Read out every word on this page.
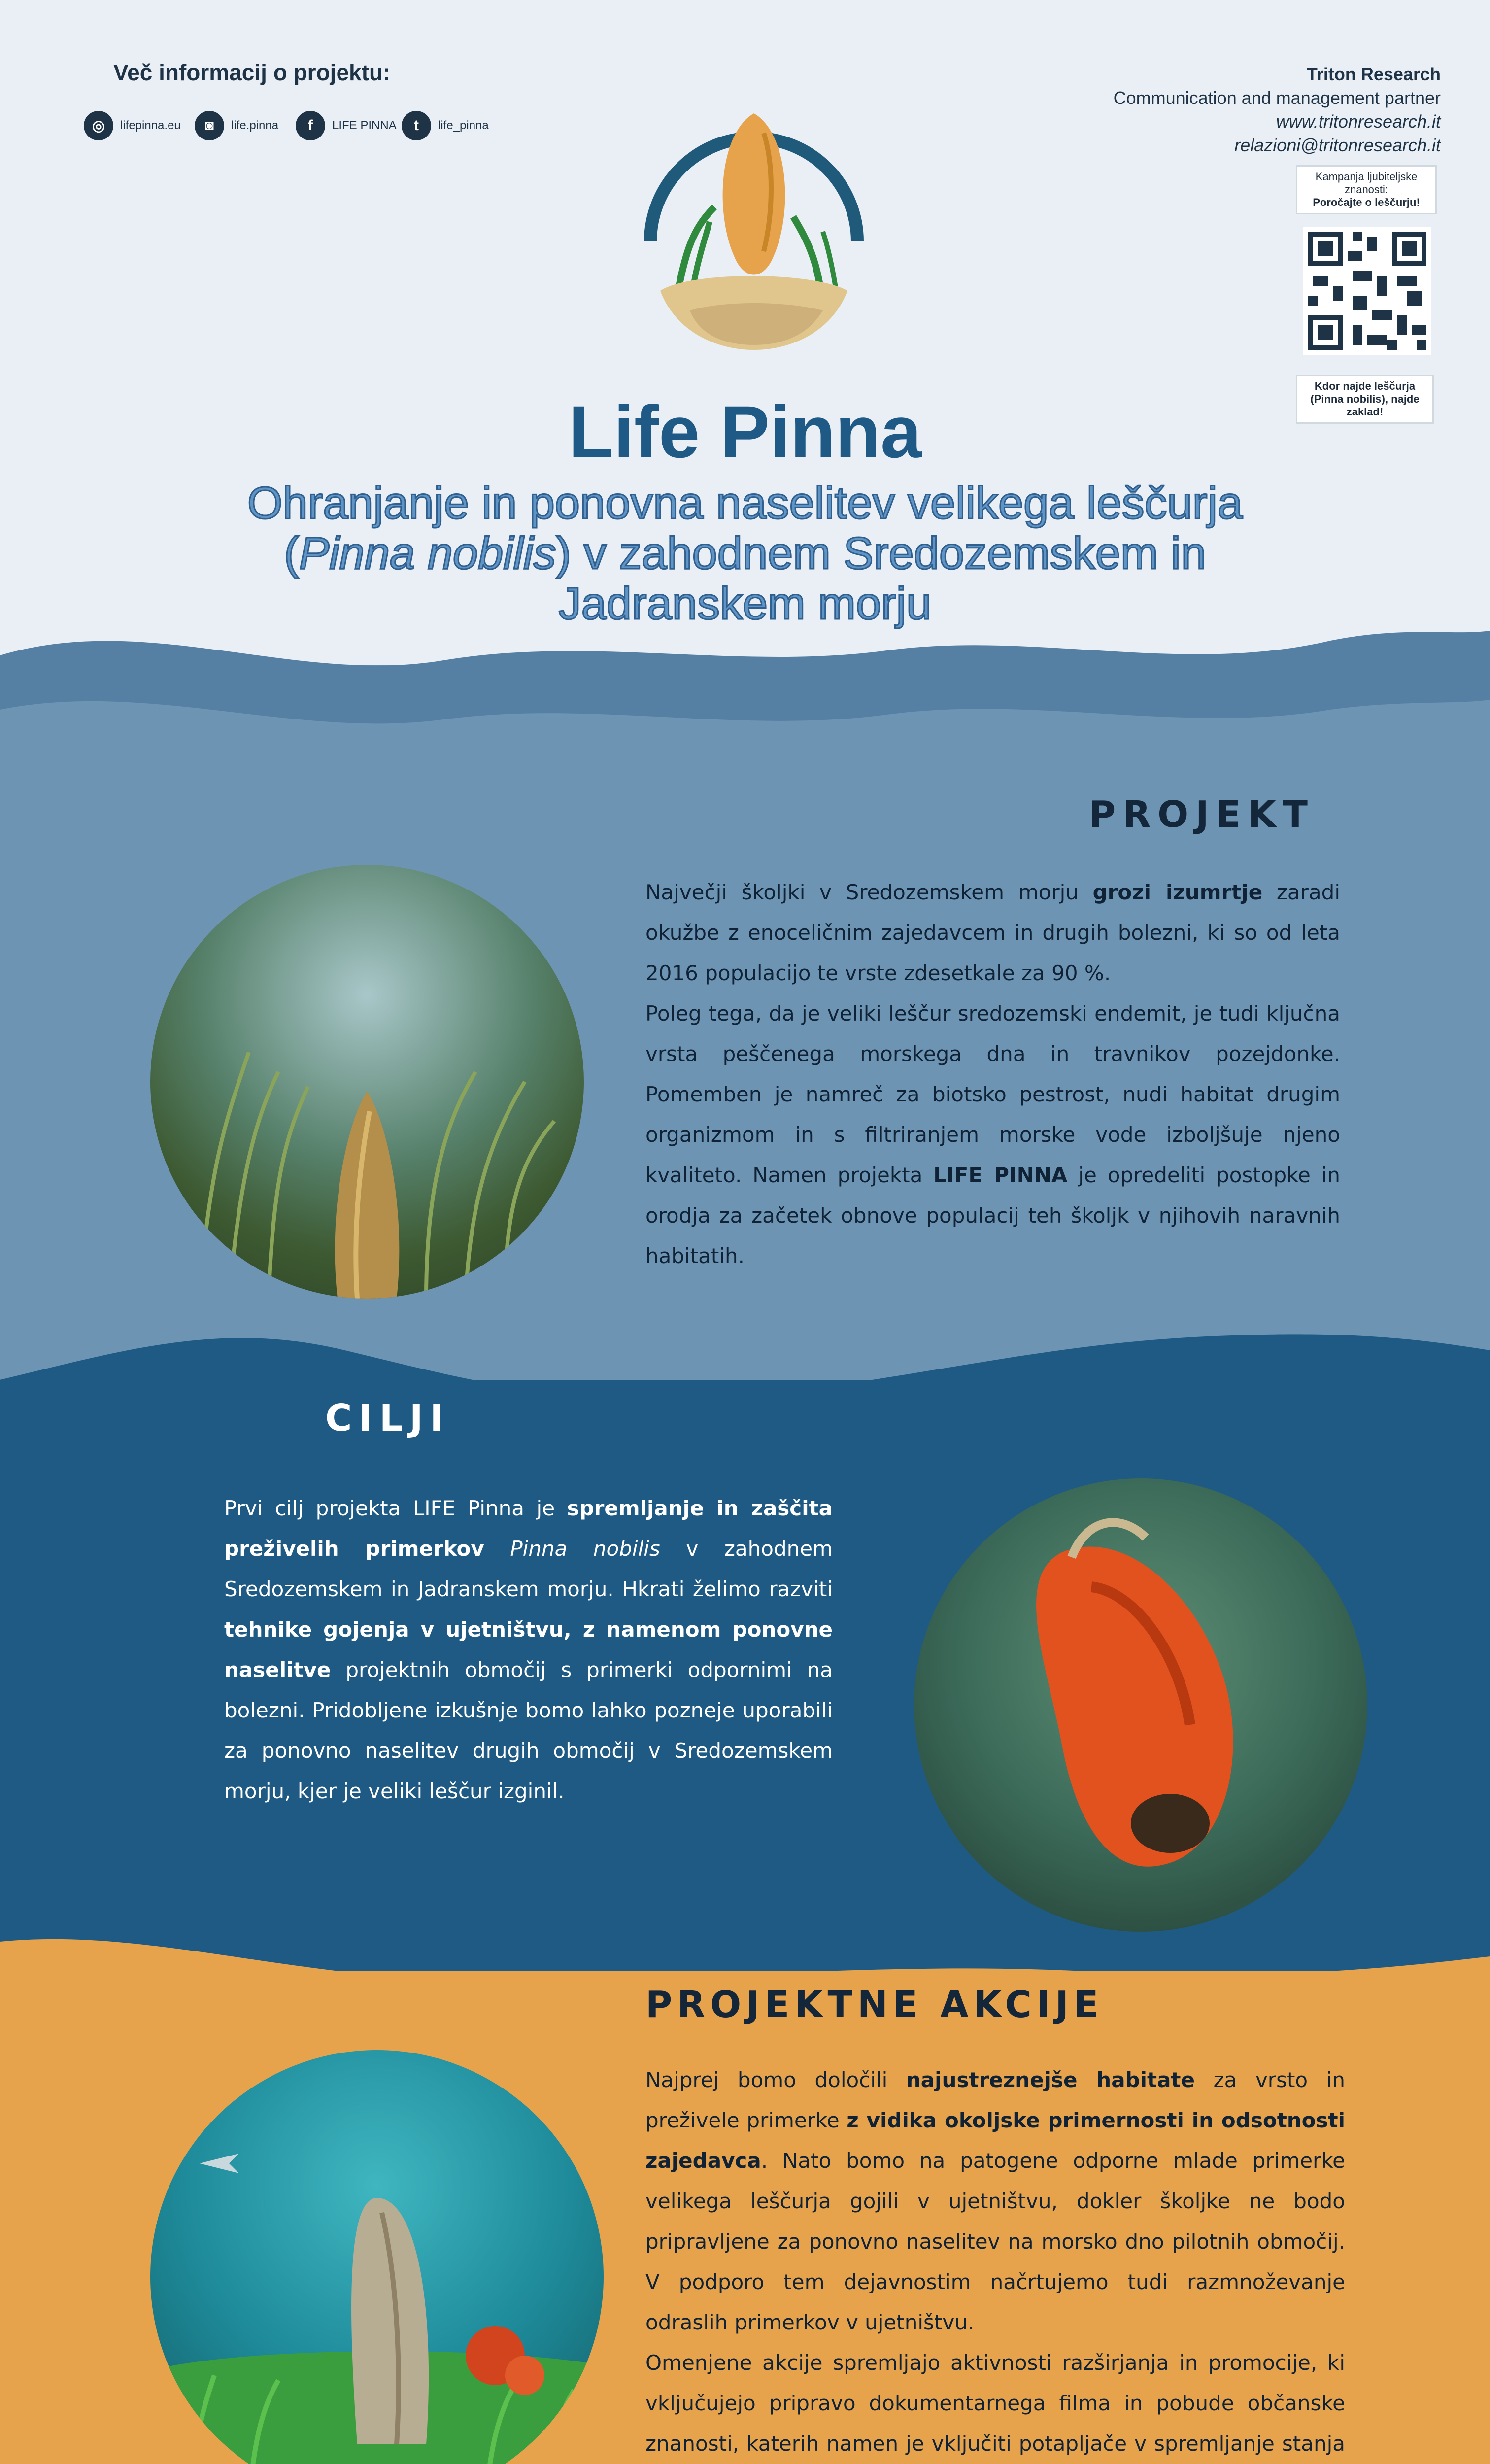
Več informacij o projektu:
◎	lifepinna.eu	◙	life.pinna	f	LIFE PINNA	t	life_pinna
Triton Research
Communication and management partner
www.tritonresearch.it
relazioni@tritonresearch.it
Kampanja ljubiteljske znanosti:
Poročajte o leščurju!
Kdor najde leščurja (Pinna nobilis), najde zaklad!
Life Pinna
Ohranjanje in ponovna naselitev velikega leščurja
(Pinna nobilis) v zahodnem Sredozemskem in
Jadranskem morju
PROJEKT
Največji školjki v Sredozemskem morju grozi izumrtje zaradi okužbe z enoceličnim zajedavcem in drugih bolezni, ki so od leta 2016 populacijo te vrste zdesetkale za 90 %.
Poleg tega, da je veliki leščur sredozemski endemit, je tudi ključna vrsta peščenega morskega dna in travnikov pozejdonke. Pomemben je namreč za biotsko pestrost, nudi habitat drugim organizmom in s filtriranjem morske vode izboljšuje njeno kvaliteto. Namen projekta LIFE PINNA je opredeliti postopke in orodja za začetek obnove populacij teh školjk v njihovih naravnih habitatih.
CILJI
Prvi cilj projekta LIFE Pinna je spremljanje in zaščita preživelih primerkov Pinna nobilis v zahodnem Sredozemskem in Jadranskem morju. Hkrati želimo razviti tehnike gojenja v ujetništvu, z namenom ponovne naselitve projektnih območij s primerki odpornimi na bolezni. Pridobljene izkušnje bomo lahko pozneje uporabili za ponovno naselitev drugih območij v Sredozemskem morju, kjer je veliki leščur izginil.
PROJEKTNE AKCIJE
Najprej bomo določili najustreznejše habitate za vrsto in preživele primerke z vidika okoljske primernosti in odsotnosti zajedavca. Nato bomo na patogene odporne mlade primerke velikega leščurja gojili v ujetništvu, dokler školjke ne bodo pripravljene za ponovno naselitev na morsko dno pilotnih območij. V podporo tem dejavnostim načrtujemo tudi razmnoževanje odraslih primerkov v ujetništvu.
Omenjene akcije spremljajo aktivnosti razširjanja in promocije, ki vključujejo pripravo dokumentarnega filma in pobude občanske znanosti, katerih namen je vključiti potapljače v spremljanje stanja
